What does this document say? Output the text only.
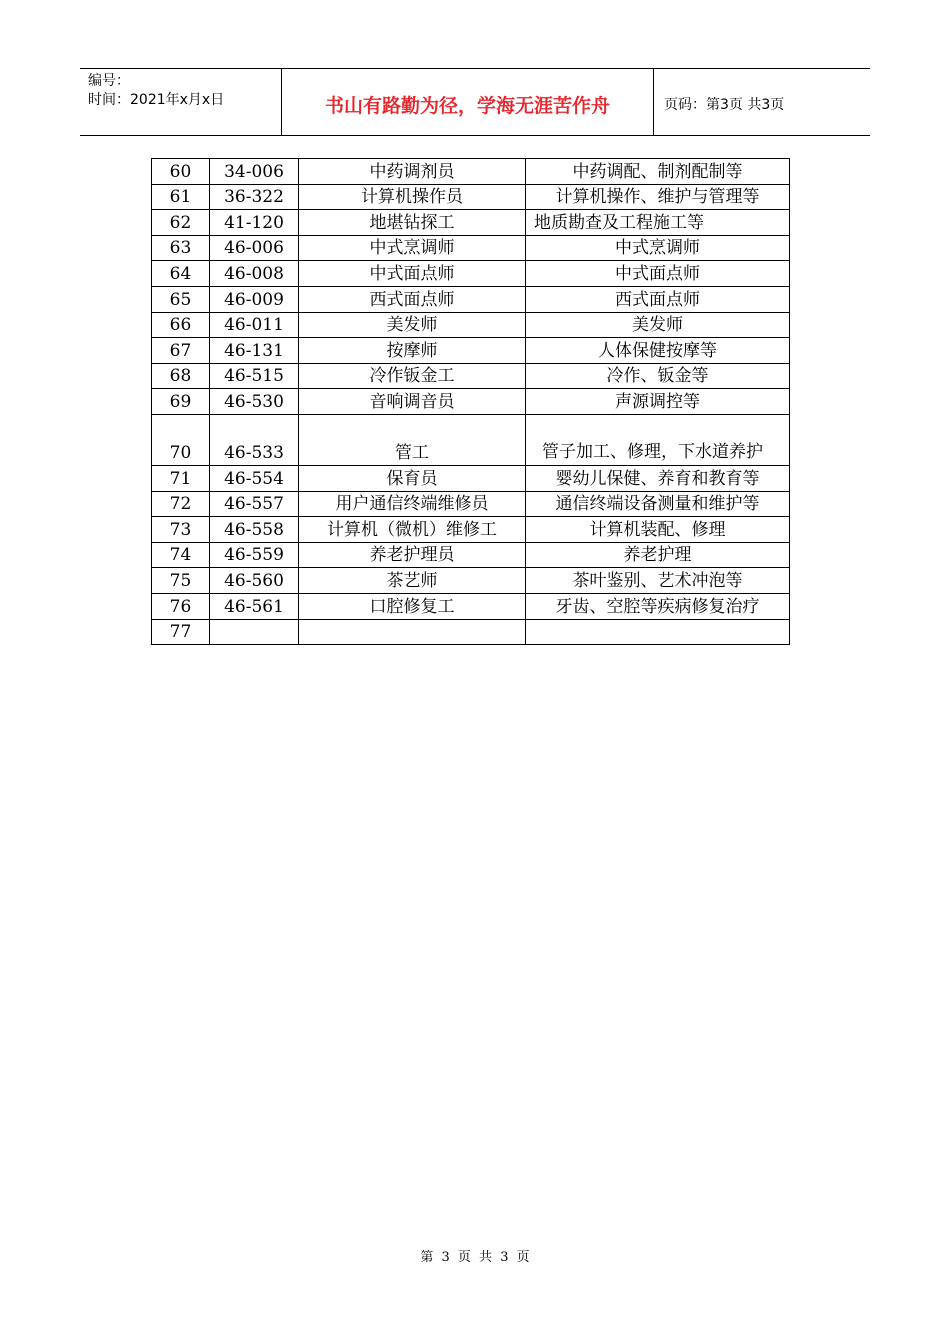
编号：
时间：2021年x月x日	书山有路勤为径，学海无涯苦作舟	页码：第3页 共3页
60	34-006	中药调剂员	中药调配、制剂配制等
61	36-322	计算机操作员	计算机操作、维护与管理等
62	41-120	地堪钻探工	地质勘查及工程施工等
63	46-006	中式烹调师	中式烹调师
64	46-008	中式面点师	中式面点师
65	46-009	西式面点师	西式面点师
66	46-011	美发师	美发师
67	46-131	按摩师	人体保健按摩等
68	46-515	冷作钣金工	冷作、钣金等
69	46-530	音响调音员	声源调控等
70	46-533	管工	管子加工、修理，下水道养护
71	46-554	保育员	婴幼儿保健、养育和教育等
72	46-557	用户通信终端维修员	通信终端设备测量和维护等
73	46-558	计算机（微机）维修工	计算机装配、修理
74	46-559	养老护理员	养老护理
75	46-560	茶艺师	茶叶鉴别、艺术冲泡等
76	46-561	口腔修复工	牙齿、空腔等疾病修复治疗
77			
第 3 页 共 3 页
